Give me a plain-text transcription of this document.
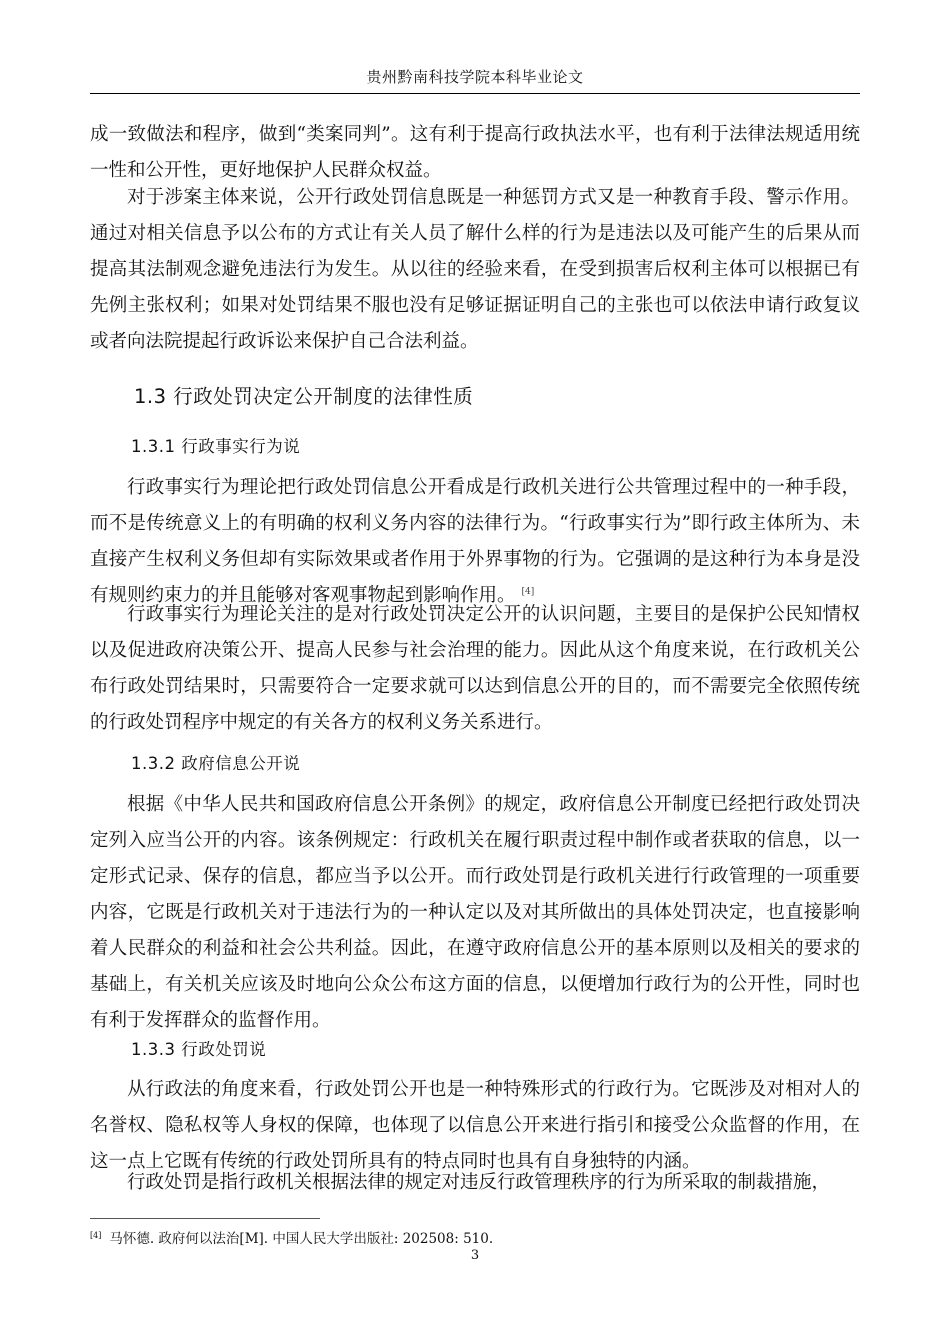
贵州黔南科技学院本科毕业论文

成一致做法和程序，做到“类案同判”。这有利于提高行政执法水平，也有利于法律法规适用统一性和公开性，更好地保护人民群众权益。

对于涉案主体来说，公开行政处罚信息既是一种惩罚方式又是一种教育手段、警示作用。通过对相关信息予以公布的方式让有关人员了解什么样的行为是违法以及可能产生的后果从而提高其法制观念避免违法行为发生。从以往的经验来看，在受到损害后权利主体可以根据已有先例主张权利；如果对处罚结果不服也没有足够证据证明自己的主张也可以依法申请行政复议或者向法院提起行政诉讼来保护自己合法利益。

1.3 行政处罚决定公开制度的法律性质
1.3.1 行政事实行为说

行政事实行为理论把行政处罚信息公开看成是行政机关进行公共管理过程中的一种手段，而不是传统意义上的有明确的权利义务内容的法律行为。“行政事实行为”即行政主体所为、未直接产生权利义务但却有实际效果或者作用于外界事物的行为。它强调的是这种行为本身是没有规则约束力的并且能够对客观事物起到影响作用。 [4]

行政事实行为理论关注的是对行政处罚决定公开的认识问题，主要目的是保护公民知情权以及促进政府决策公开、提高人民参与社会治理的能力。因此从这个角度来说，在行政机关公布行政处罚结果时，只需要符合一定要求就可以达到信息公开的目的，而不需要完全依照传统的行政处罚程序中规定的有关各方的权利义务关系进行。

1.3.2 政府信息公开说

根据《中华人民共和国政府信息公开条例》的规定，政府信息公开制度已经把行政处罚决定列入应当公开的内容。该条例规定：行政机关在履行职责过程中制作或者获取的信息，以一定形式记录、保存的信息，都应当予以公开。而行政处罚是行政机关进行行政管理的一项重要内容，它既是行政机关对于违法行为的一种认定以及对其所做出的具体处罚决定，也直接影响着人民群众的利益和社会公共利益。因此，在遵守政府信息公开的基本原则以及相关的要求的基础上，有关机关应该及时地向公众公布这方面的信息，以便增加行政行为的公开性，同时也有利于发挥群众的监督作用。

1.3.3 行政处罚说

从行政法的角度来看，行政处罚公开也是一种特殊形式的行政行为。它既涉及对相对人的名誉权、隐私权等人身权的保障，也体现了以信息公开来进行指引和接受公众监督的作用，在这一点上它既有传统的行政处罚所具有的特点同时也具有自身独特的内涵。

行政处罚是指行政机关根据法律的规定对违反行政管理秩序的行为所采取的制裁措施，

[4] 马怀德. 政府何以法治[M]. 中国人民大学出版社: 202508: 510.
3
